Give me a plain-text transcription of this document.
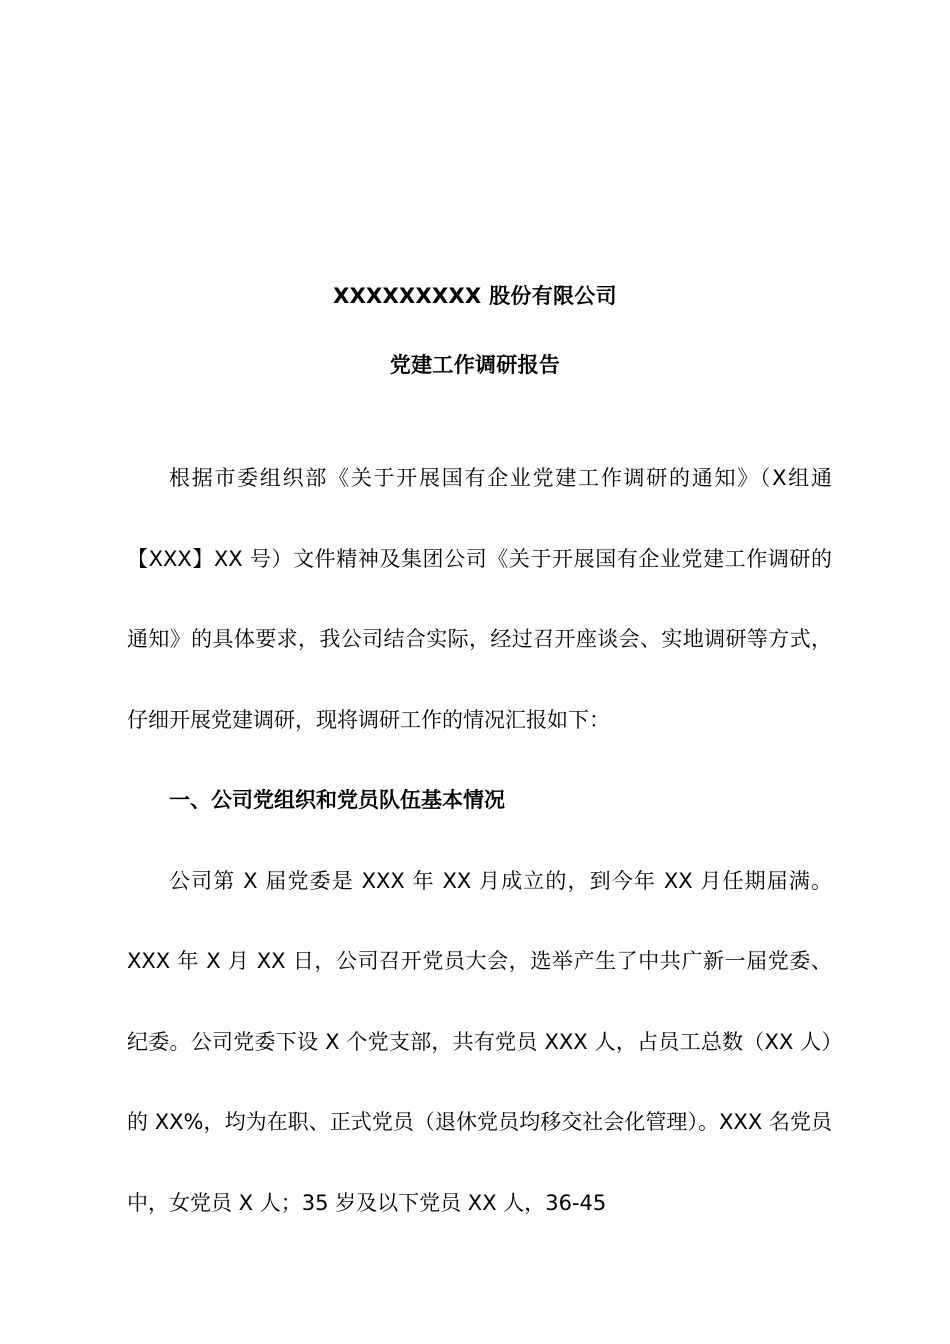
XXXXXXXXX 股份有限公司
党建工作调研报告

根据市委组织部《关于开展国有企业党建工作调研的通知》（X组通【XXX】XX 号）文件精神及集团公司《关于开展国有企业党建工作调研的通知》的具体要求，我公司结合实际，经过召开座谈会、实地调研等方式，仔细开展党建调研，现将调研工作的情况汇报如下：

一、公司党组织和党员队伍基本情况

公司第 X 届党委是 XXX 年 XX 月成立的，到今年 XX 月任期届满。XXX 年 X 月 XX 日，公司召开党员大会，选举产生了中共广新一届党委、纪委。公司党委下设 X 个党支部，共有党员 XXX 人，占员工总数（XX 人）的 XX%，均为在职、正式党员（退休党员均移交社会化管理）。XXX 名党员中，女党员 X 人；35 岁及以下党员 XX 人，36-45
